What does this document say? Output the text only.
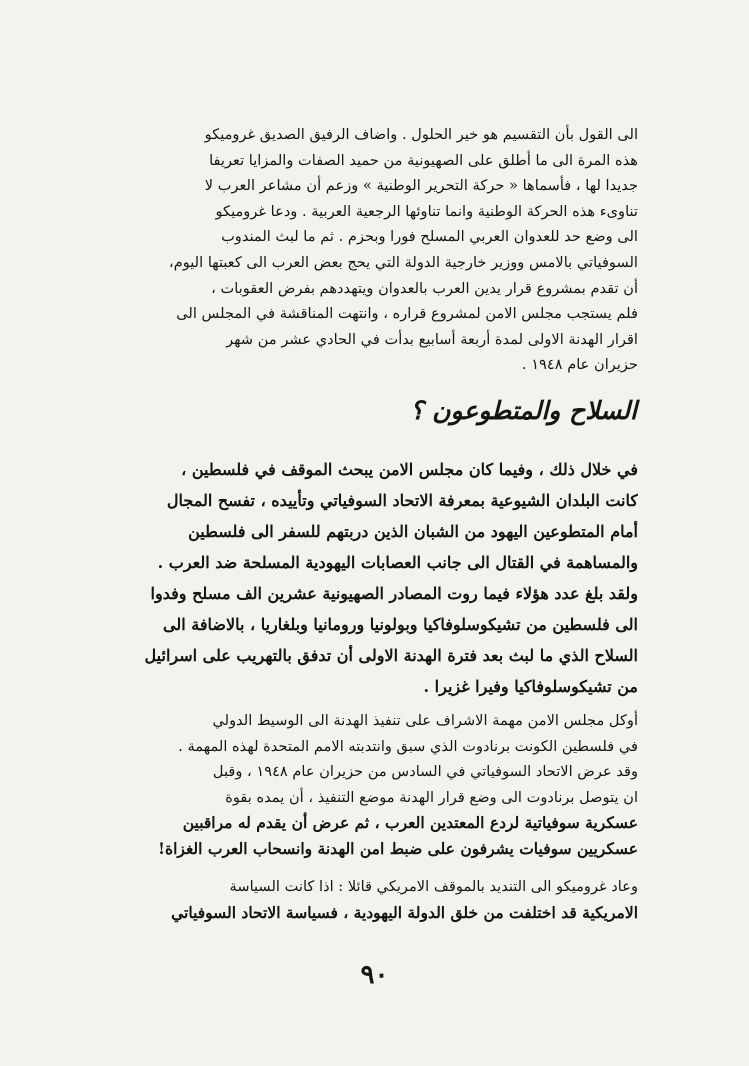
الى القول بأن التقسيم هو خير الحلول . واضاف الرفيق الصديق غروميكو
هذه المرة الى ما أطلق على الصهيونية من حميد الصفات والمزايا تعريفا
جديدا لها ، فأسماها « حركة التحرير الوطنية » وزعم أن مشاعر العرب لا
تناوىء هذه الحركة الوطنية وانما تناوئها الرجعية العربية . ودعا غروميكو
الى وضع حد للعدوان العربي المسلح فورا وبحزم . ثم ما لبث المندوب
السوفياتي بالامس ووزير خارجية الدولة التي يحج بعض العرب الى كعبتها اليوم،
أن تقدم بمشروع قرار يدين العرب بالعدوان ويتهددهم بفرض العقوبات ،
فلم يستجب مجلس الامن لمشروع قراره ، وانتهت المناقشة في المجلس الى
اقرار الهدنة الاولى لمدة أربعة أسابيع بدأت في الحادي عشر من شهر
حزيران عام ١٩٤٨ .
السلاح والمتطوعون ؟
في خلال ذلك ، وفيما كان مجلس الامن يبحث الموقف في فلسطين ،
كانت البلدان الشيوعية بمعرفة الاتحاد السوفياتي وتأييده ، تفسح المجال
أمام المتطوعين اليهود من الشبان الذين دربتهم للسفر الى فلسطين
والمساهمة في القتال الى جانب العصابات اليهودية المسلحة ضد العرب .
ولقد بلغ عدد هؤلاء فيما روت المصادر الصهيونية عشرين الف مسلح وفدوا
الى فلسطين من تشيكوسلوفاكيا وبولونيا ورومانيا وبلغاريا ، بالاضافة الى
السلاح الذي ما لبث بعد فترة الهدنة الاولى أن تدفق بالتهريب على اسرائيل
من تشيكوسلوفاكيا وفيرا غزيرا .
أوكل مجلس الامن مهمة الاشراف على تنفيذ الهدنة الى الوسيط الدولي
في فلسطين الكونت برنادوت الذي سبق وانتدبته الامم المتحدة لهذه المهمة .
وقد عرض الاتحاد السوفياتي في السادس من حزيران عام ١٩٤٨ ، وقبل
ان يتوصل برنادوت الى وضع قرار الهدنة موضع التنفيذ ، أن يمده بقوة
عسكرية سوفياتية لردع المعتدين العرب ، ثم عرض أن يقدم له مراقبين
عسكريين سوفيات يشرفون على ضبط امن الهدنة وانسحاب العرب الغزاة!
وعاد غروميكو الى التنديد بالموقف الامريكي قائلا : اذا كانت السياسة
الامريكية قد اختلفت من خلق الدولة اليهودية ، فسياسة الاتحاد السوفياتي
٩٠
